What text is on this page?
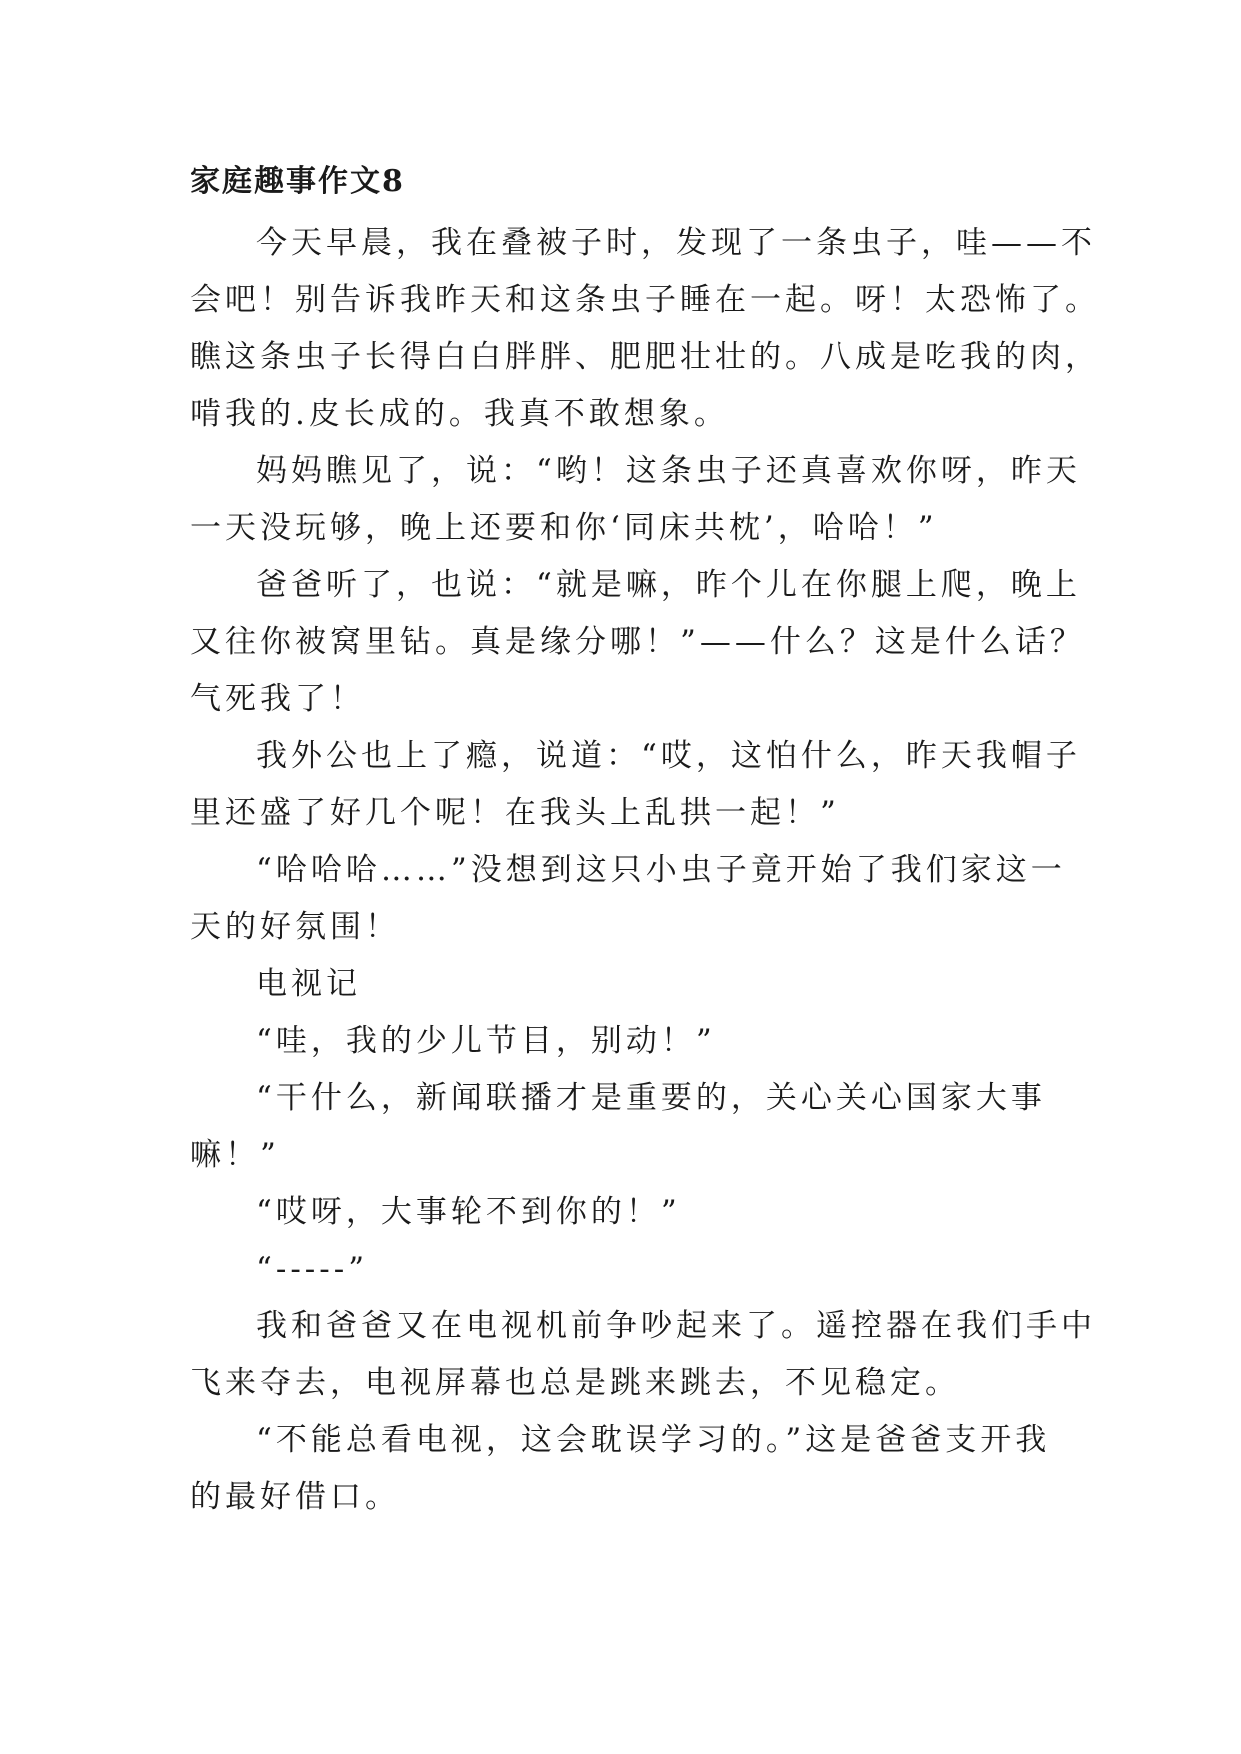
家庭趣事作文8

今天早晨，我在叠被子时，发现了一条虫子，哇——不

会吧！别告诉我昨天和这条虫子睡在一起。呀！太恐怖了。

瞧这条虫子长得白白胖胖、肥肥壮壮的。八成是吃我的肉，

啃我的.皮长成的。我真不敢想象。

妈妈瞧见了，说：“哟！这条虫子还真喜欢你呀，昨天

一天没玩够，晚上还要和你‘同床共枕’，哈哈！”

爸爸听了，也说：“就是嘛，昨个儿在你腿上爬，晚上

又往你被窝里钻。真是缘分哪！”——什么？这是什么话？

气死我了！

我外公也上了瘾，说道：“哎，这怕什么，昨天我帽子

里还盛了好几个呢！在我头上乱拱一起！”

“哈哈哈……”没想到这只小虫子竟开始了我们家这一

天的好氛围！

电视记

“哇，我的少儿节目，别动！”

“干什么，新闻联播才是重要的，关心关心国家大事

嘛！”

“哎呀，大事轮不到你的！”

“-----”

我和爸爸又在电视机前争吵起来了。遥控器在我们手中

飞来夺去，电视屏幕也总是跳来跳去，不见稳定。

“不能总看电视，这会耽误学习的。”这是爸爸支开我

的最好借口。
